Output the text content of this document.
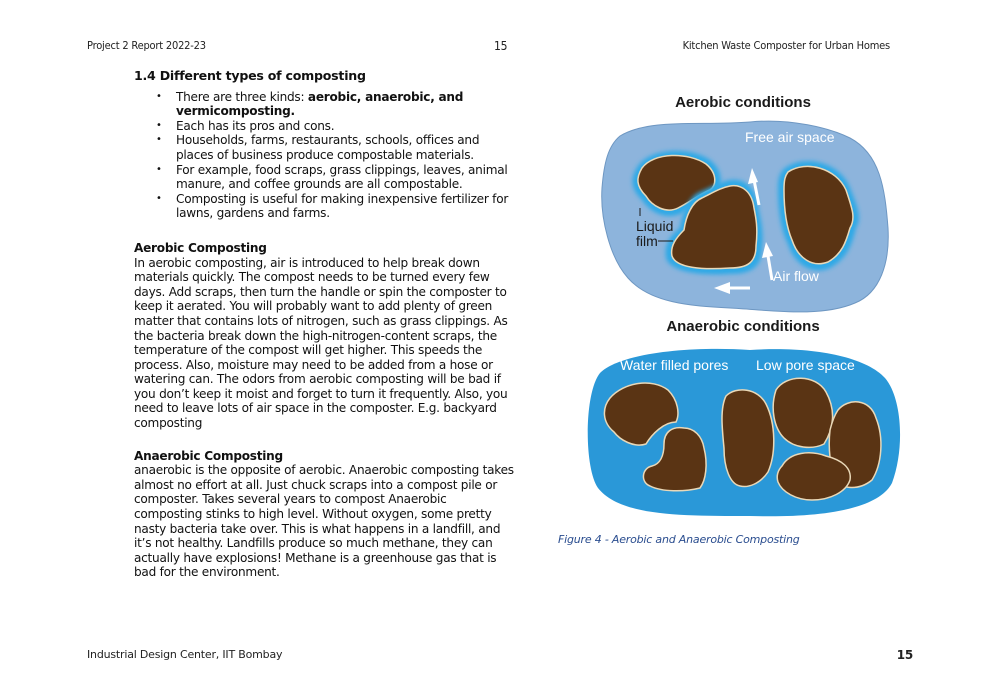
Project 2 Report 2022-23	15	Kitchen Waste Composter for Urban Homes
1.4 Different types of composting
• There are three kinds: aerobic, anaerobic, and vermicomposting.
• Each has its pros and cons.
• Households, farms, restaurants, schools, offices and places of business produce compostable materials.
• For example, food scraps, grass clippings, leaves, animal manure, and coffee grounds are all compostable.
• Composting is useful for making inexpensive fertilizer for lawns, gardens and farms.
Aerobic Composting

In aerobic composting, air is introduced to help break down materials quickly. The compost needs to be turned every few days. Add scraps, then turn the handle or spin the composter to keep it aerated. You will probably want to add plenty of green matter that contains lots of nitrogen, such as grass clippings. As the bacteria break down the high-nitrogen-content scraps, the temperature of the compost will get higher. This speeds the process. Also, moisture may need to be added from a hose or watering can. The odors from aerobic composting will be bad if you don’t keep it moist and forget to turn it frequently. Also, you need to leave lots of air space in the composter. E.g. backyard composting

Anaerobic Composting

anaerobic is the opposite of aerobic. Anaerobic composting takes almost no effort at all. Just chuck scraps into a compost pile or composter. Takes several years to compost Anaerobic composting stinks to high level. Without oxygen, some pretty nasty bacteria take over. This is what happens in a landfill, and it’s not healthy. Landfills produce so much methane, they can actually have explosions! Methane is a greenhouse gas that is bad for the environment.

Aerobic conditions
Free air space
Liquid
film
Air flow
Anaerobic conditions
Water filled pores Low pore space
Figure 4 - Aerobic and Anaerobic Composting
Industrial Design Center, IIT Bombay	15
